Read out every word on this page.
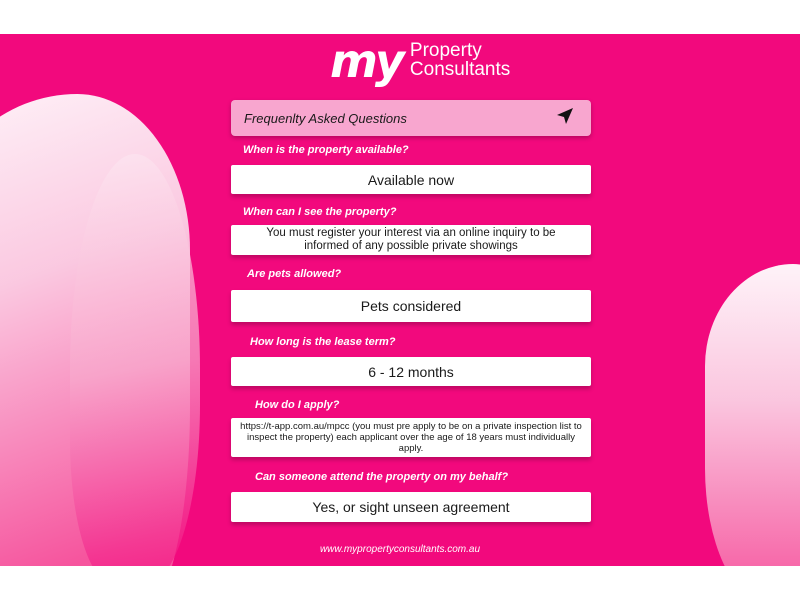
my Property
Consultants
Frequenlty Asked Questions
When is the property available?
Available now
When can I see the property?
You must register your interest via an online inquiry to be informed of any possible private showings
Are pets allowed?
Pets considered
How long is the lease term?
6 - 12 months
How do I apply?
https://t-app.com.au/mpcc (you must pre apply to be on a private inspection list to inspect the property) each applicant over the age of 18 years must individually apply.
Can someone attend the property on my behalf?
Yes, or sight unseen agreement
www.mypropertyconsultants.com.au
